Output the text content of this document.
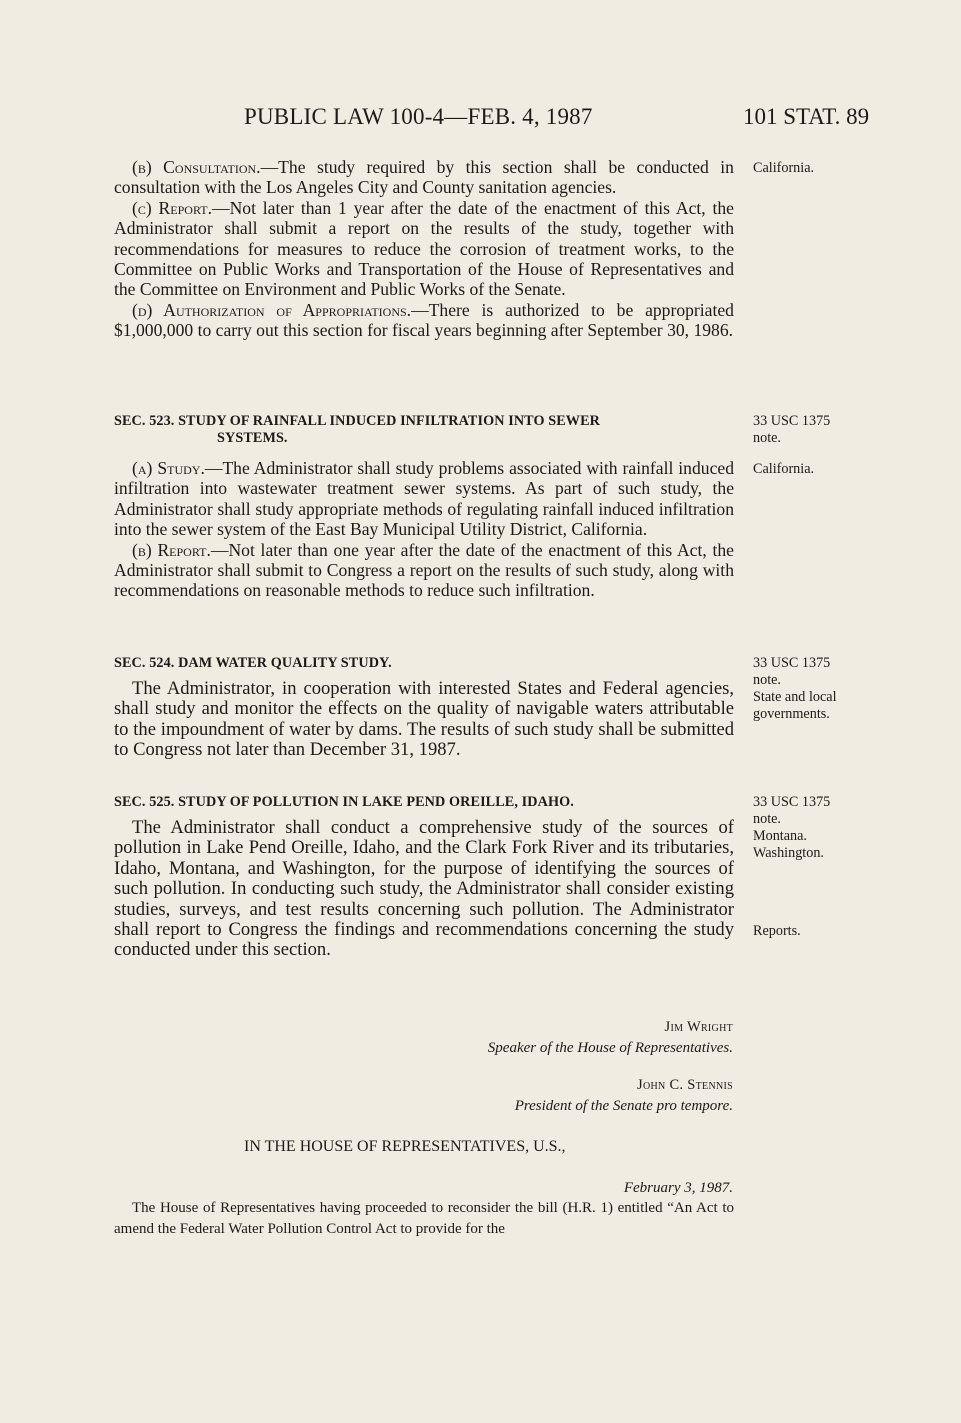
PUBLIC LAW 100-4—FEB. 4, 1987	101 STAT. 89

(b) Consultation.—The study required by this section shall be conducted in consultation with the Los Angeles City and County sanitation agencies.

(c) Report.—Not later than 1 year after the date of the enactment of this Act, the Administrator shall submit a report on the results of the study, together with recommendations for measures to reduce the corrosion of treatment works, to the Committee on Public Works and Transportation of the House of Representatives and the Committee on Environment and Public Works of the Senate.

(d) Authorization of Appropriations.—There is authorized to be appropriated $1,000,000 to carry out this section for fiscal years beginning after September 30, 1986.

SEC. 523. STUDY OF RAINFALL INDUCED INFILTRATION INTO SEWER
SYSTEMS.

(a) Study.—The Administrator shall study problems associated with rainfall induced infiltration into wastewater treatment sewer systems. As part of such study, the Administrator shall study appropriate methods of regulating rainfall induced infiltration into the sewer system of the East Bay Municipal Utility District, California.

(b) Report.—Not later than one year after the date of the enactment of this Act, the Administrator shall submit to Congress a report on the results of such study, along with recommendations on reasonable methods to reduce such infiltration.

SEC. 524. DAM WATER QUALITY STUDY.

The Administrator, in cooperation with interested States and Federal agencies, shall study and monitor the effects on the quality of navigable waters attributable to the impoundment of water by dams. The results of such study shall be submitted to Congress not later than December 31, 1987.

SEC. 525. STUDY OF POLLUTION IN LAKE PEND OREILLE, IDAHO.

The Administrator shall conduct a comprehensive study of the sources of pollution in Lake Pend Oreille, Idaho, and the Clark Fork River and its tributaries, Idaho, Montana, and Washington, for the purpose of identifying the sources of such pollution. In conducting such study, the Administrator shall consider existing studies, surveys, and test results concerning such pollution. The Administrator shall report to Congress the findings and recommendations concerning the study conducted under this section.

California.
33 USC 1375
note.
California.
33 USC 1375
note.
State and local governments.
33 USC 1375
note.
Montana.
Washington.
Reports.
Jim Wright
Speaker of the House of Representatives.
John C. Stennis
President of the Senate pro tempore.
IN THE HOUSE OF REPRESENTATIVES, U.S.,
February 3, 1987.

The House of Representatives having proceeded to reconsider the bill (H.R. 1) entitled “An Act to amend the Federal Water Pollution Control Act to provide for the
